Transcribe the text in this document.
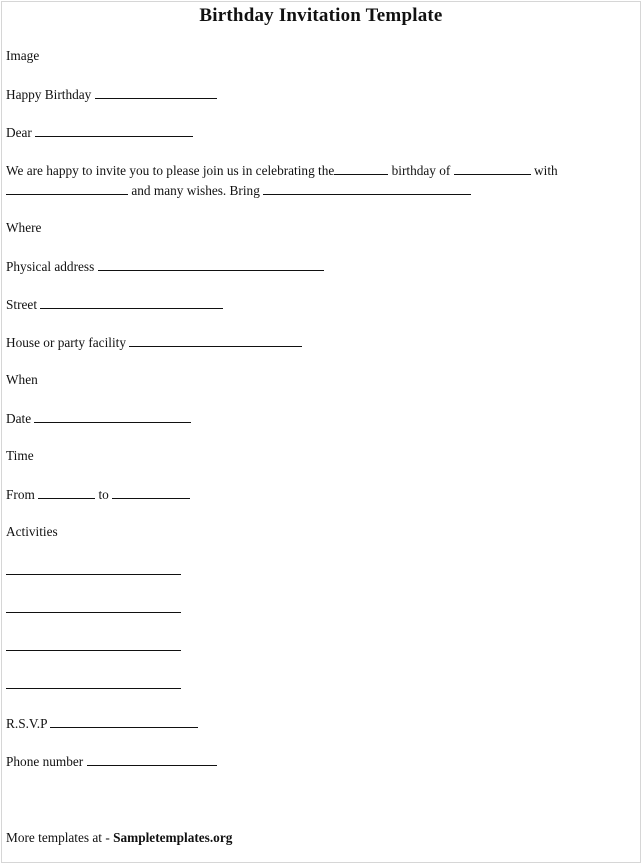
Birthday Invitation Template
Image
Happy Birthday
Dear
We are happy to invite you to please join us in celebrating the	birthday of	with
and many wishes. Bring
Where
Physical address
Street
House or party facility
When
Date
Time
From	to
Activities
R.S.V.P
Phone number
More templates at - Sampletemplates.org
